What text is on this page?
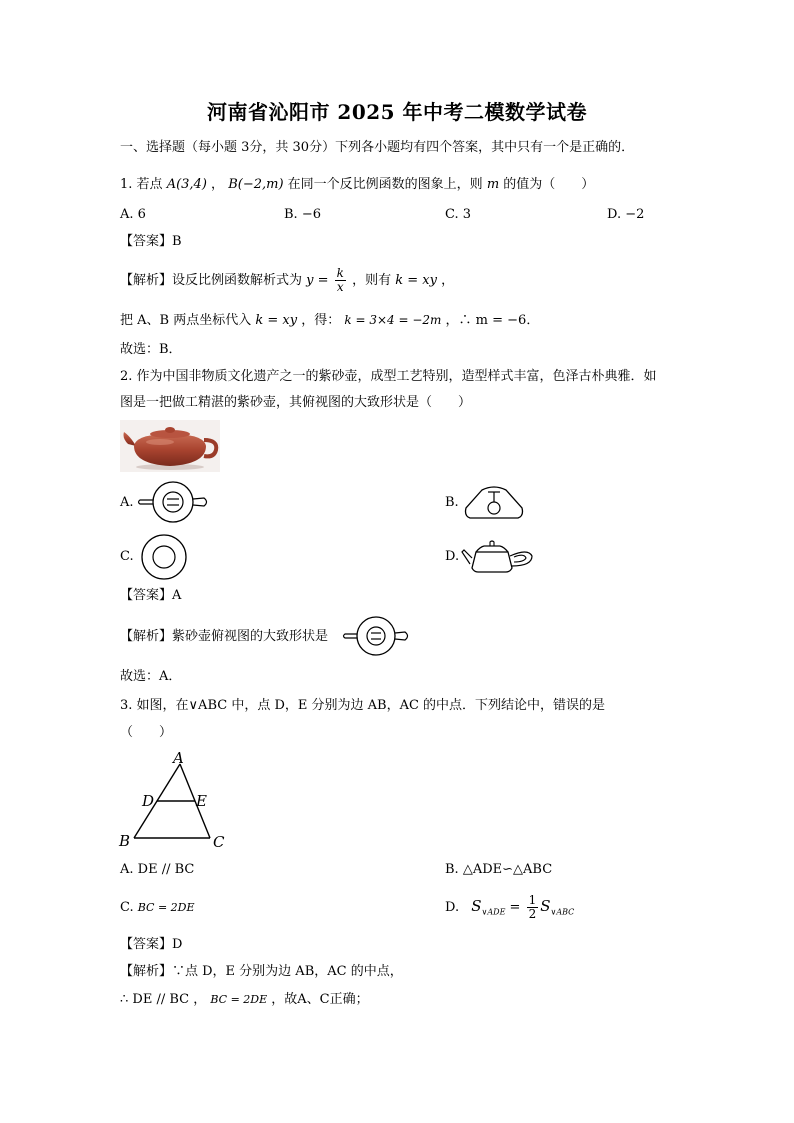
河南省沁阳市 2025 年中考二模数学试卷
一、选择题（每小题 3分，共 30分）下列各小题均有四个答案，其中只有一个是正确的．
1. 若点 A(3,4) ， B(−2,m) 在同一个反比例函数的图象上，则 m 的值为（　　）
A. 6	B. −6	C. 3	D. −2
【答案】B
【解析】设反比例函数解析式为 $y = \frac{k}{x}$ ，则有 k = xy ，
把 A、B 两点坐标代入 k = xy ，得： k = 3×4 = −2m ，∴ m = −6．
故选：B．
2. 作为中国非物质文化遗产之一的紫砂壶，成型工艺特别，造型样式丰富，色泽古朴典雅．如
图是一把做工精湛的紫砂壶，其俯视图的大致形状是（　　）
A.	B.
C.	D.
【答案】A
【解析】紫砂壶俯视图的大致形状是
故选：A．
3. 如图，在∨ABC 中，点 D，E 分别为边 AB，AC 的中点．下列结论中，错误的是
（　　）
A
D	E
B	C
A. DE // BC	B. △ADE∽△ABC
C. BC = 2DE	D. $S_{\vee ADE} = \frac{1}{2} S_{\vee ABC}$
【答案】D
【解析】∵点 D，E 分别为边 AB，AC 的中点，
∴ DE // BC ， BC = 2DE ，故A、C正确；
